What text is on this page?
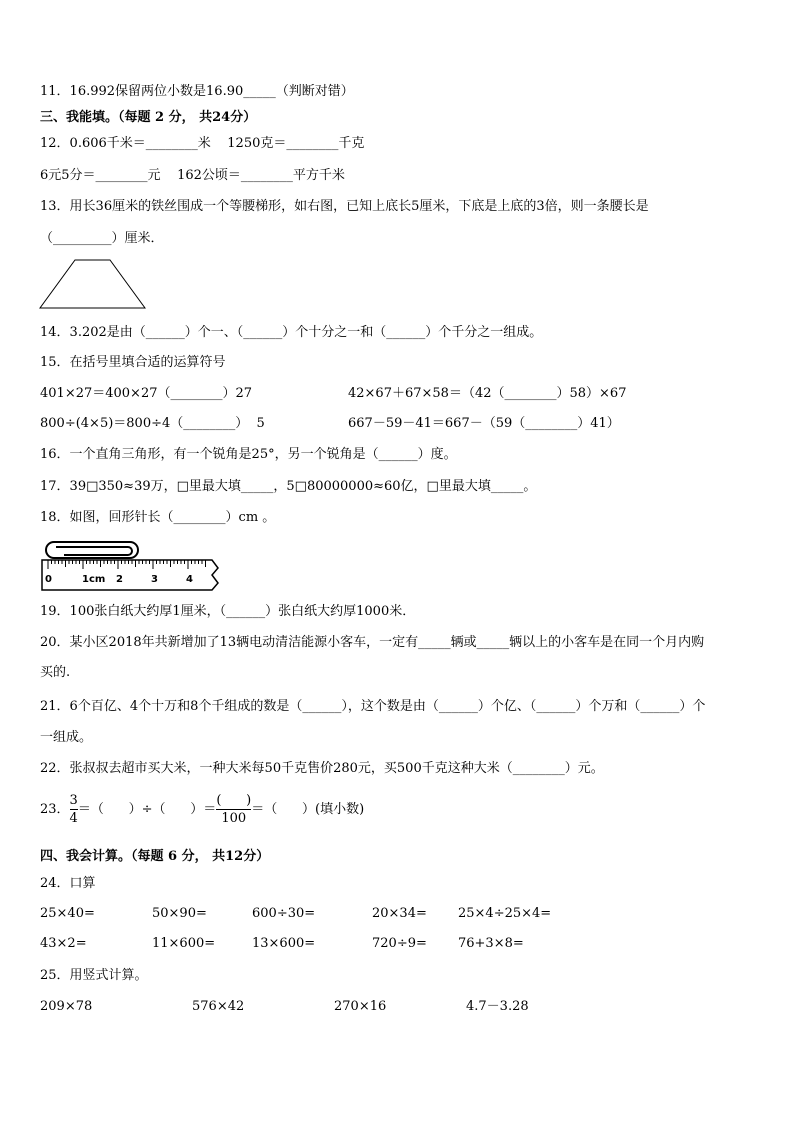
11．16.992保留两位小数是16.90_____（判断对错）
三、我能填。（每题 2 分， 共24分）
12．0.606千米＝________米    1250克＝________千克
6元5分＝________元    162公顷＝________平方千米
13．用长36厘米的铁丝围成一个等腰梯形，如右图，已知上底长5厘米，下底是上底的3倍，则一条腰长是
（_________）厘米．
14．3.202是由（______）个一、（______）个十分之一和（______）个千分之一组成。
15．在括号里填合适的运算符号
401×27＝400×27（________）27	42×67＋67×58＝（42（________）58）×67
800÷(4×5)＝800÷4（________）  5	667－59－41＝667－（59（________）41）
16．一个直角三角形，有一个锐角是25°，另一个锐角是（______）度。
17．39□350≈39万，□里最大填_____，5□80000000≈60亿，□里最大填_____。
18．如图，回形针长（________）cm 。
0	1cm 2	3	4
19．100张白纸大约厚1厘米，（______）张白纸大约厚1000米．
20．某小区2018年共新增加了13辆电动清洁能源小客车，一定有_____辆或_____辆以上的小客车是在同一个月内购
买的.
21．6个百亿、4个十万和8个千组成的数是（______），这个数是由（______）个亿、（______）个万和（______）个
一组成。
22．张叔叔去超市买大米，一种大米每50千克售价280元，买500千克这种大米（________）元。
23． $\frac{3}{4}$ ＝（      ）÷（      ）＝ $\frac{( )}{100}$ ＝（      ）(填小数)
四、我会计算。（每题 6 分， 共12分）
24．口算
25×40=	50×90=	600÷30=	20×34= 25×4÷25×4=
43×2=	11×600=	13×600=	720÷9= 76+3×8=
25．用竖式计算。
209×78	576×42	270×16	4.7－3.28
